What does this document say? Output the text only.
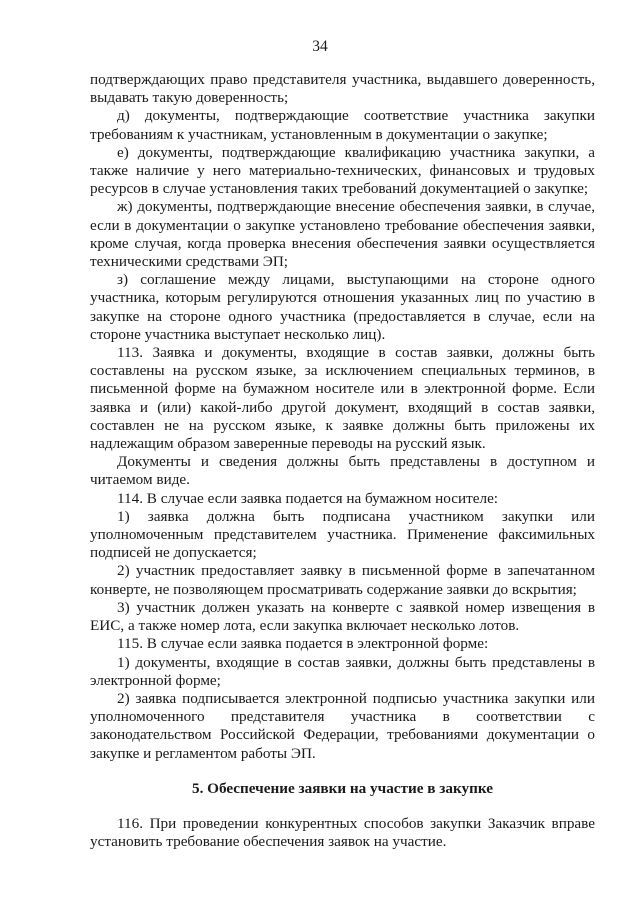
34

подтверждающих право представителя участника, выдавшего доверенность, выдавать такую доверенность;

д) документы, подтверждающие соответствие участника закупки требованиям к участникам, установленным в документации о закупке;

е) документы, подтверждающие квалификацию участника закупки, а также наличие у него материально-технических, финансовых и трудовых ресурсов в случае установления таких требований документацией о закупке;

ж) документы, подтверждающие внесение обеспечения заявки, в случае, если в документации о закупке установлено требование обеспечения заявки, кроме случая, когда проверка внесения обеспечения заявки осуществляется техническими средствами ЭП;

з) соглашение между лицами, выступающими на стороне одного участника, которым регулируются отношения указанных лиц по участию в закупке на стороне одного участника (предоставляется в случае, если на стороне участника выступает несколько лиц).

113. Заявка и документы, входящие в состав заявки, должны быть составлены на русском языке, за исключением специальных терминов, в письменной форме на бумажном носителе или в электронной форме. Если заявка и (или) какой-либо другой документ, входящий в состав заявки, составлен не на русском языке, к заявке должны быть приложены их надлежащим образом заверенные переводы на русский язык.

Документы и сведения должны быть представлены в доступном и читаемом виде.

114. В случае если заявка подается на бумажном носителе:

1) заявка должна быть подписана участником закупки или уполномоченным представителем участника. Применение факсимильных подписей не допускается;

2) участник предоставляет заявку в письменной форме в запечатанном конверте, не позволяющем просматривать содержание заявки до вскрытия;

3) участник должен указать на конверте с заявкой номер извещения в ЕИС, а также номер лота, если закупка включает несколько лотов.

115. В случае если заявка подается в электронной форме:

1) документы, входящие в состав заявки, должны быть представлены в электронной форме;

2) заявка подписывается электронной подписью участника закупки или уполномоченного представителя участника в соответствии с законодательством Российской Федерации, требованиями документации о закупке и регламентом работы ЭП.

5. Обеспечение заявки на участие в закупке

116. При проведении конкурентных способов закупки Заказчик вправе установить требование обеспечения заявок на участие.
